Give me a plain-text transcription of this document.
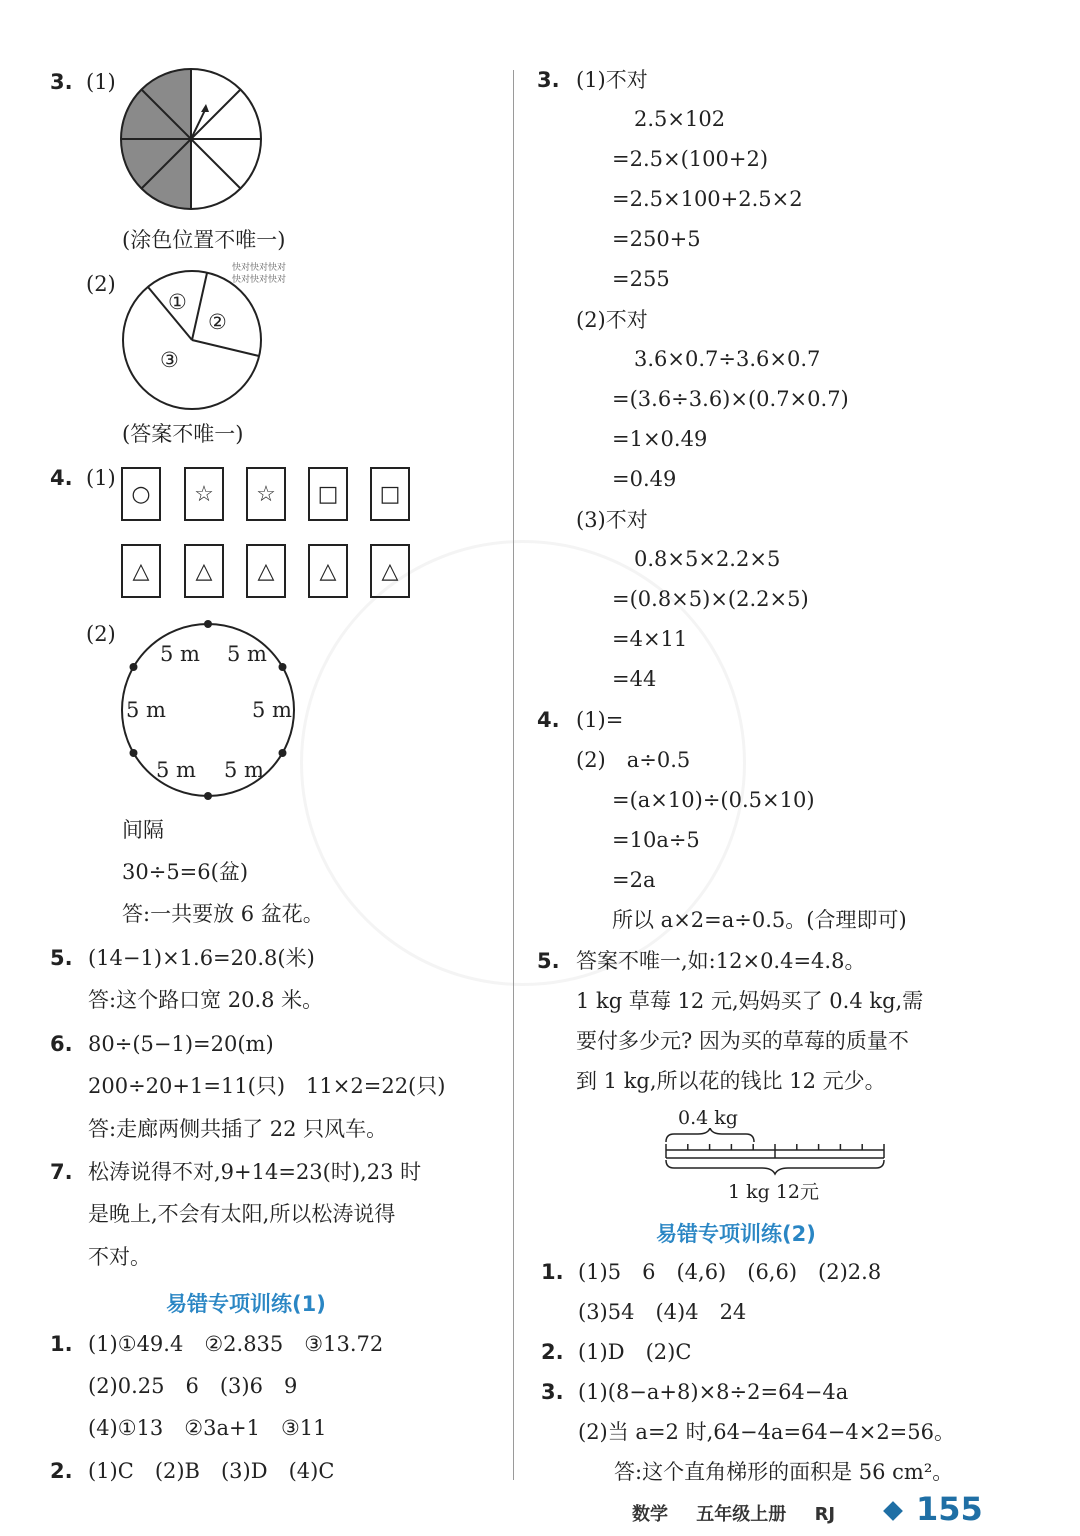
3. (1)
(涂色位置不唯一)
快对快对快对
快对快对快对
(2)
①
②
③
(答案不唯一)
4. (1)
○	☆	☆	□	□
△	△	△	△	△
(2)
5 m 5 m
5 m	5 m
5 m 5 m
间隔
30÷5=6(盆)
答:一共要放 6 盆花。
5. (14−1)×1.6=20.8(米)
答:这个路口宽 20.8 米。
6. 80÷(5−1)=20(m)
200÷20+1=11(只)　11×2=22(只)
答:走廊两侧共插了 22 只风车。
7. 松涛说得不对,9+14=23(时),23 时
是晚上,不会有太阳,所以松涛说得
不对。
易错专项训练(1)
1. (1)①49.4　②2.835　③13.72
(2)0.25　6　(3)6　9
(4)①13　②3a+1　③11
2. (1)C　(2)B　(3)D　(4)C
3. (1)不对
2.5×102
=2.5×(100+2)
=2.5×100+2.5×2
=250+5
=255
(2)不对
3.6×0.7÷3.6×0.7
=(3.6÷3.6)×(0.7×0.7)
=1×0.49
=0.49
(3)不对
0.8×5×2.2×5
=(0.8×5)×(2.2×5)
=4×11
=44
4. (1)=
(2)　a÷0.5
=(a×10)÷(0.5×10)
=10a÷5
=2a
所以 a×2=a÷0.5。(合理即可)
5. 答案不唯一,如:12×0.4=4.8。
1 kg 草莓 12 元,妈妈买了 0.4 kg,需
要付多少元? 因为买的草莓的质量不
到 1 kg,所以花的钱比 12 元少。
0.4 kg
1 kg 12元
易错专项训练(2)
1. (1)5　6　(4,6)　(6,6)　(2)2.8
(3)54　(4)4　24
2. (1)D　(2)C
3. (1)(8−a+8)×8÷2=64−4a
(2)当 a=2 时,64−4a=64−4×2=56。
答:这个直角梯形的面积是 56 cm²。
数学 五年级上册 RJ	155
